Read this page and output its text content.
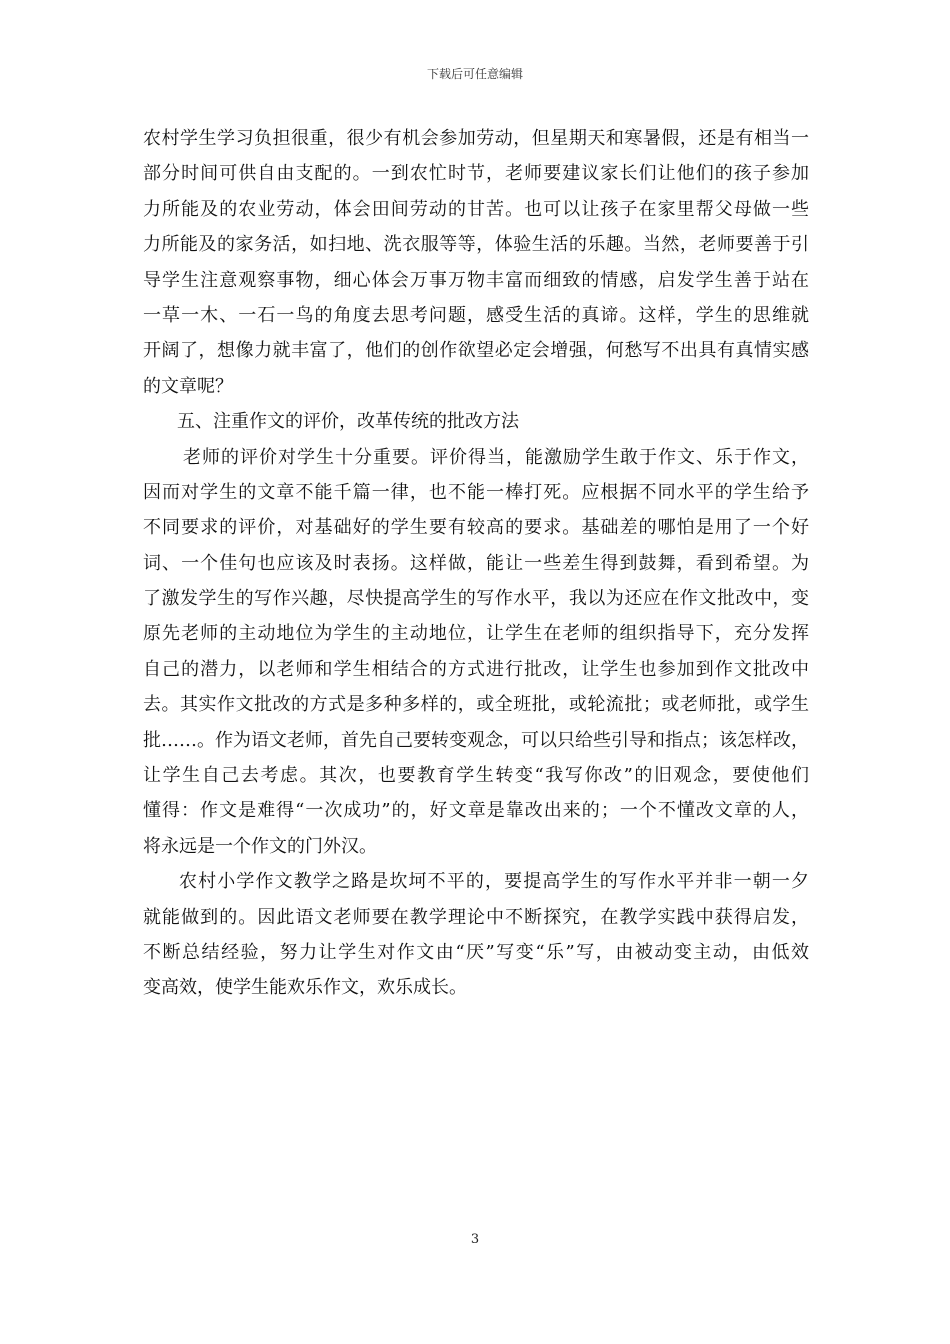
下载后可任意编辑
农村学生学习负担很重，很少有机会参加劳动，但星期天和寒暑假，还是有相当一
部分时间可供自由支配的。一到农忙时节，老师要建议家长们让他们的孩子参加
力所能及的农业劳动，体会田间劳动的甘苦。也可以让孩子在家里帮父母做一些
力所能及的家务活，如扫地、洗衣服等等，体验生活的乐趣。当然，老师要善于引
导学生注意观察事物，细心体会万事万物丰富而细致的情感，启发学生善于站在
一草一木、一石一鸟的角度去思考问题，感受生活的真谛。这样，学生的思维就
开阔了，想像力就丰富了，他们的创作欲望必定会增强，何愁写不出具有真情实感
的文章呢？
五、注重作文的评价，改革传统的批改方法
老师的评价对学生十分重要。评价得当，能激励学生敢于作文、乐于作文，
因而对学生的文章不能千篇一律，也不能一棒打死。应根据不同水平的学生给予
不同要求的评价，对基础好的学生要有较高的要求。基础差的哪怕是用了一个好
词、一个佳句也应该及时表扬。这样做，能让一些差生得到鼓舞，看到希望。为
了激发学生的写作兴趣，尽快提高学生的写作水平，我以为还应在作文批改中，变
原先老师的主动地位为学生的主动地位，让学生在老师的组织指导下，充分发挥
自己的潜力，以老师和学生相结合的方式进行批改，让学生也参加到作文批改中
去。其实作文批改的方式是多种多样的，或全班批，或轮流批；或老师批，或学生
批……。作为语文老师，首先自己要转变观念，可以只给些引导和指点；该怎样改，
让学生自己去考虑。其次，也要教育学生转变“我写你改”的旧观念，要使他们
懂得：作文是难得“一次成功”的，好文章是靠改出来的；一个不懂改文章的人，
将永远是一个作文的门外汉。
农村小学作文教学之路是坎坷不平的，要提高学生的写作水平并非一朝一夕
就能做到的。因此语文老师要在教学理论中不断探究，在教学实践中获得启发，
不断总结经验，努力让学生对作文由“厌”写变“乐”写，由被动变主动，由低效
变高效，使学生能欢乐作文，欢乐成长。
3
